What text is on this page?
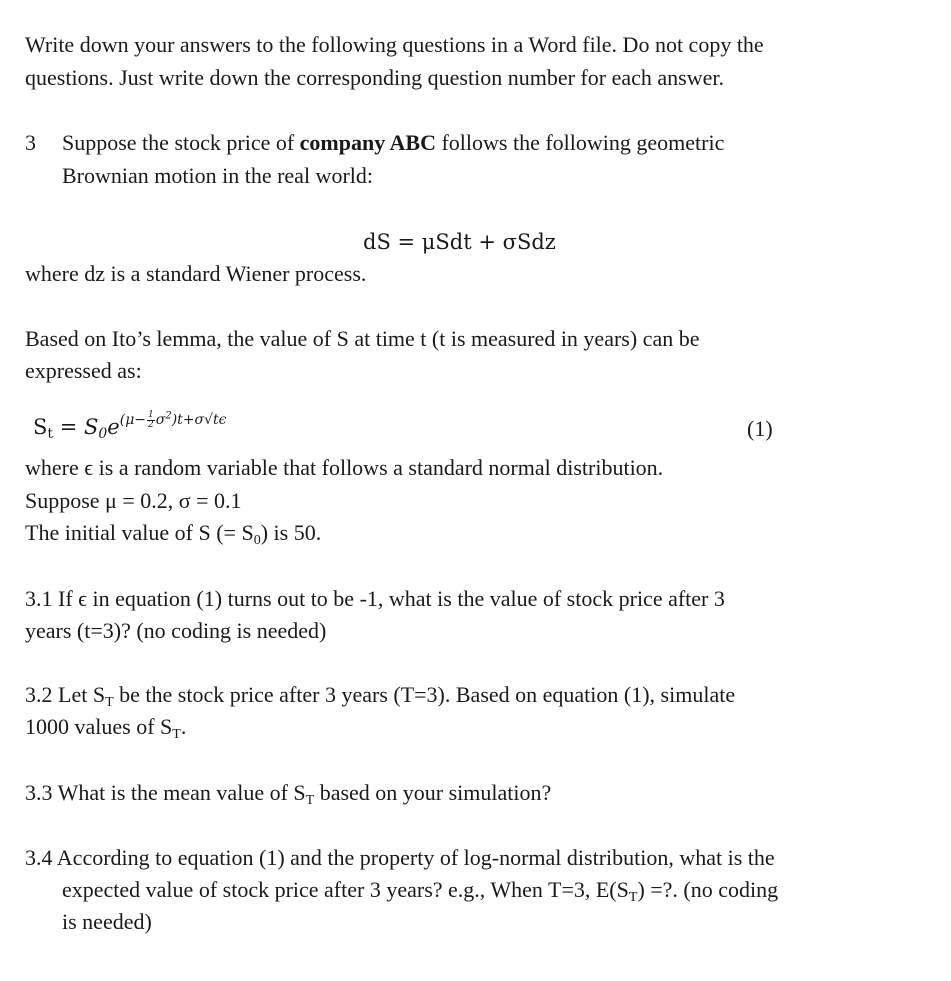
Write down your answers to the following questions in a Word file. Do not copy the
questions. Just write down the corresponding question number for each answer.
3 Suppose the stock price of company ABC follows the following geometric
Brownian motion in the real world:
dS = μSdt + σSdz
where dz is a standard Wiener process.
Based on Ito’s lemma, the value of S at time t (t is measured in years) can be
expressed as:
$S_t = S_0e^{(\mu- \frac{1}{2} \sigma^2)t+\sigma√t\epsilon}$	(1)
where ϵ is a random variable that follows a standard normal distribution.
Suppose μ = 0.2, σ = 0.1
The initial value of S (= $S_0$) is 50.
3.1 If ϵ in equation (1) turns out to be -1, what is the value of stock price after 3
years (t=3)? (no coding is needed)
3.2 Let $S_T$ be the stock price after 3 years (T=3). Based on equation (1), simulate
1000 values of $S_T$.
3.3 What is the mean value of $S_T$ based on your simulation?
3.4 According to equation (1) and the property of log-normal distribution, what is the
expected value of stock price after 3 years? e.g., When T=3, $E(S_T)$ =?. (no coding
is needed)
